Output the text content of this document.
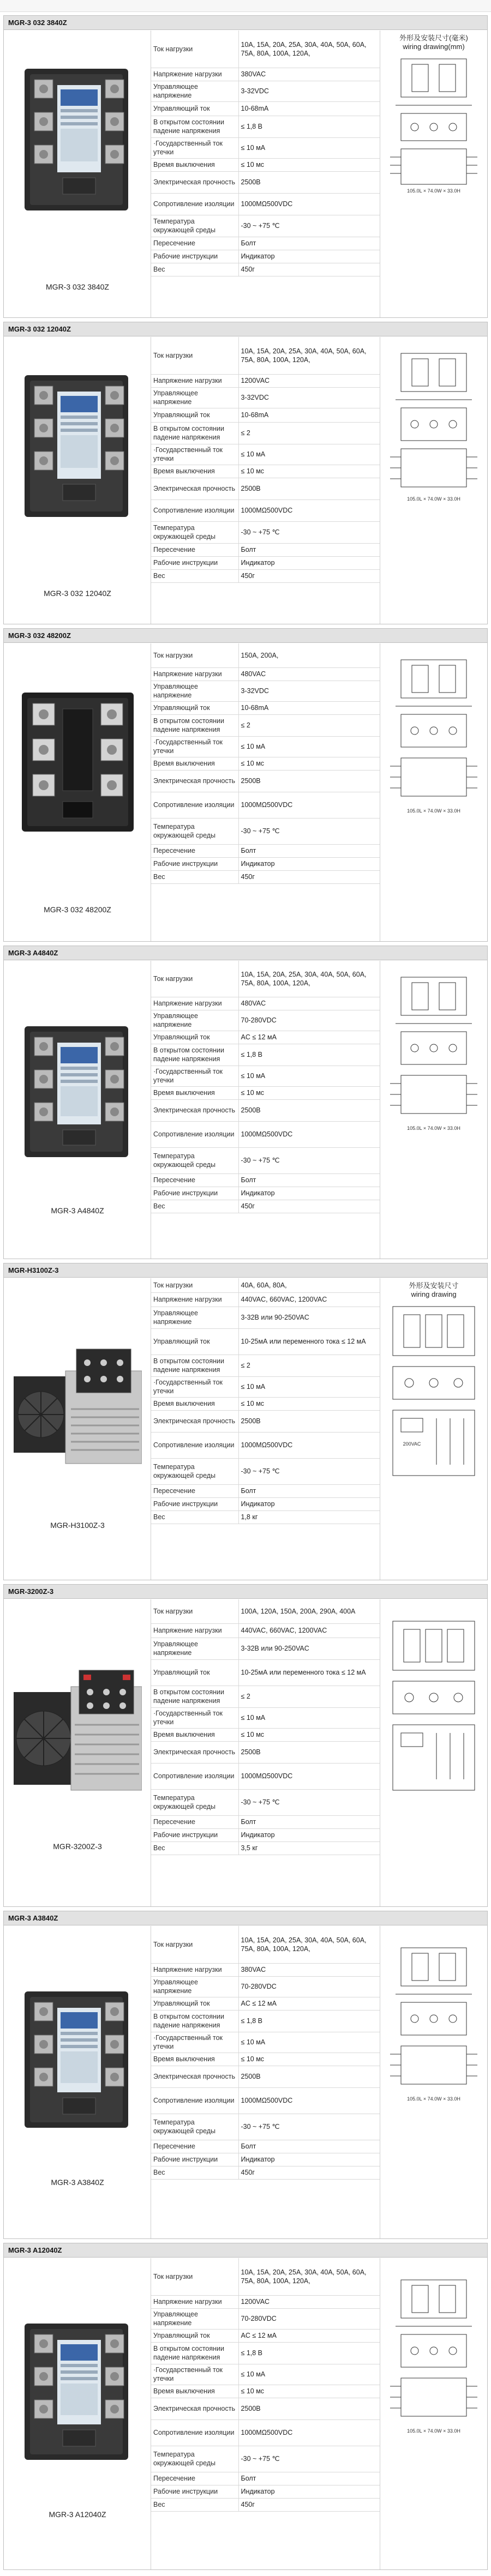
MGR-3 032 3840Z
MGR-3 032 3840Z
Ток нагрузки	10A, 15A, 20A, 25A, 30A, 40A, 50A, 60A, 75A, 80A, 100A, 120A,
Напряжение нагрузки	380VAC
Управляющее напряжение	3-32VDC
Управляющий ток	10-68mA
В открытом состоянии падение напряжения	≤ 1,8 B
·Государственный ток утечки	≤ 10 мА
Время выключения	≤ 10 мс
Электрическая прочность	2500В
Сопротивление изоляции	1000MΩ500VDC
Температура окружающей среды	-30 ~ +75 ℃
Пересечение	Болт
Рабочие инструкции	Индикатор
Вес	450г
外形及安装尺寸(毫米)
wiring drawing(mm)
105.0L × 74.0W × 33.0H
MGR-3 032 12040Z
MGR-3 032 12040Z
Ток нагрузки	10A, 15A, 20A, 25A, 30A, 40A, 50A, 60A, 75A, 80A, 100A, 120A,
Напряжение нагрузки	1200VAC
Управляющее напряжение	3-32VDC
Управляющий ток	10-68mA
В открытом состоянии падение напряжения	≤ 2
·Государственный ток утечки	≤ 10 мА
Время выключения	≤ 10 мс
Электрическая прочность	2500В
Сопротивление изоляции	1000MΩ500VDC
Температура окружающей среды	-30 ~ +75 ℃
Пересечение	Болт
Рабочие инструкции	Индикатор
Вес	450г
105.0L × 74.0W × 33.0H
MGR-3 032 48200Z
MGR-3 032 48200Z
Ток нагрузки	150A, 200A,
Напряжение нагрузки	480VAC
Управляющее напряжение	3-32VDC
Управляющий ток	10-68mA
В открытом состоянии падение напряжения	≤ 2
·Государственный ток утечки	≤ 10 мА
Время выключения	≤ 10 мс
Электрическая прочность	2500В
Сопротивление изоляции	1000MΩ500VDC
Температура окружающей среды	-30 ~ +75 ℃
Пересечение	Болт
Рабочие инструкции	Индикатор
Вес	450г
105.0L × 74.0W × 33.0H
MGR-3 A4840Z
MGR-3 A4840Z
Ток нагрузки	10A, 15A, 20A, 25A, 30A, 40A, 50A, 60A, 75A, 80A, 100A, 120A,
Напряжение нагрузки	480VAC
Управляющее напряжение	70-280VDC
Управляющий ток	AC ≤ 12 мА
В открытом состоянии падение напряжения	≤ 1,8 B
·Государственный ток утечки	≤ 10 мА
Время выключения	≤ 10 мс
Электрическая прочность	2500В
Сопротивление изоляции	1000MΩ500VDC
Температура окружающей среды	-30 ~ +75 ℃
Пересечение	Болт
Рабочие инструкции	Индикатор
Вес	450г
105.0L × 74.0W × 33.0H
MGR-H3100Z-3
MGR-H3100Z-3
Ток нагрузки	40A, 60A, 80A,
Напряжение нагрузки	440VAC, 660VAC, 1200VAC
Управляющее напряжение	3-32B или 90-250VAC
Управляющий ток	10-25мА или переменного тока ≤ 12 мА
В открытом состоянии падение напряжения	≤ 2
·Государственный ток утечки	≤ 10 мА
Время выключения	≤ 10 мс
Электрическая прочность	2500В
Сопротивление изоляции	1000MΩ500VDC
Температура окружающей среды	-30 ~ +75 ℃
Пересечение	Болт
Рабочие инструкции	Индикатор
Вес	1,8 кг
外形及安装尺寸
wiring drawing
200VAC
MGR-3200Z-3
MGR-3200Z-3
Ток нагрузки	100A, 120A, 150A, 200A, 290A, 400A
Напряжение нагрузки	440VAC, 660VAC, 1200VAC
Управляющее напряжение	3-32B или 90-250VAC
Управляющий ток	10-25мА или переменного тока ≤ 12 мА
В открытом состоянии падение напряжения	≤ 2
·Государственный ток утечки	≤ 10 мА
Время выключения	≤ 10 мс
Электрическая прочность	2500В
Сопротивление изоляции	1000MΩ500VDC
Температура окружающей среды	-30 ~ +75 ℃
Пересечение	Болт
Рабочие инструкции	Индикатор
Вес	3,5 кг
MGR-3 A3840Z
MGR-3 A3840Z
Ток нагрузки	10A, 15A, 20A, 25A, 30A, 40A, 50A, 60A, 75A, 80A, 100A, 120A,
Напряжение нагрузки	380VAC
Управляющее напряжение	70-280VDC
Управляющий ток	AC ≤ 12 мА
В открытом состоянии падение напряжения	≤ 1,8 B
·Государственный ток утечки	≤ 10 мА
Время выключения	≤ 10 мс
Электрическая прочность	2500В
Сопротивление изоляции	1000MΩ500VDC
Температура окружающей среды	-30 ~ +75 ℃
Пересечение	Болт
Рабочие инструкции	Индикатор
Вес	450г
105.0L × 74.0W × 33.0H
MGR-3 A12040Z
MGR-3 A12040Z
Ток нагрузки	10A, 15A, 20A, 25A, 30A, 40A, 50A, 60A, 75A, 80A, 100A, 120A,
Напряжение нагрузки	1200VAC
Управляющее напряжение	70-280VDC
Управляющий ток	AC ≤ 12 мА
В открытом состоянии падение напряжения	≤ 1,8 B
·Государственный ток утечки	≤ 10 мА
Время выключения	≤ 10 мс
Электрическая прочность	2500В
Сопротивление изоляции	1000MΩ500VDC
Температура окружающей среды	-30 ~ +75 ℃
Пересечение	Болт
Рабочие инструкции	Индикатор
Вес	450г
105.0L × 74.0W × 33.0H
